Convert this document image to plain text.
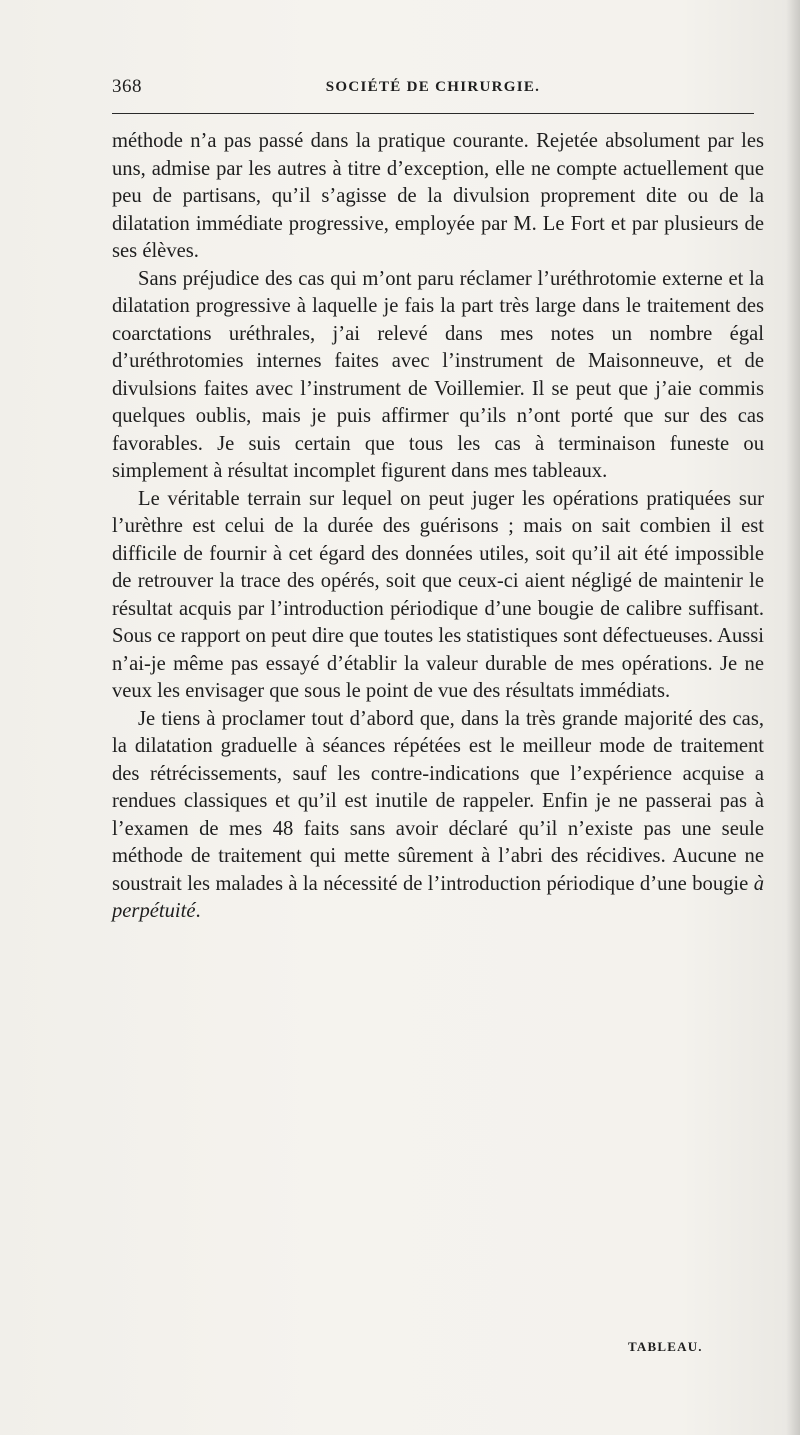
368	SOCIÉTÉ DE CHIRURGIE.

méthode n’a pas passé dans la pratique courante. Rejetée absolument par les uns, admise par les autres à titre d’exception, elle ne compte actuellement que peu de partisans, qu’il s’agisse de la divulsion proprement dite ou de la dilatation immédiate progressive, employée par M. Le Fort et par plusieurs de ses élèves.

Sans préjudice des cas qui m’ont paru réclamer l’uréthrotomie externe et la dilatation progressive à laquelle je fais la part très large dans le traitement des coarctations uréthrales, j’ai relevé dans mes notes un nombre égal d’uréthrotomies internes faites avec l’instrument de Maisonneuve, et de divulsions faites avec l’instrument de Voillemier. Il se peut que j’aie commis quelques oublis, mais je puis affirmer qu’ils n’ont porté que sur des cas favorables. Je suis certain que tous les cas à terminaison funeste ou simplement à résultat incomplet figurent dans mes tableaux.

Le véritable terrain sur lequel on peut juger les opérations pratiquées sur l’urèthre est celui de la durée des guérisons ; mais on sait combien il est difficile de fournir à cet égard des données utiles, soit qu’il ait été impossible de retrouver la trace des opérés, soit que ceux-ci aient négligé de maintenir le résultat acquis par l’introduction périodique d’une bougie de calibre suffisant. Sous ce rapport on peut dire que toutes les statistiques sont défectueuses. Aussi n’ai-je même pas essayé d’établir la valeur durable de mes opérations. Je ne veux les envisager que sous le point de vue des résultats immédiats.

Je tiens à proclamer tout d’abord que, dans la très grande majorité des cas, la dilatation graduelle à séances répétées est le meilleur mode de traitement des rétrécissements, sauf les contre-indications que l’expérience acquise a rendues classiques et qu’il est inutile de rappeler. Enfin je ne passerai pas à l’examen de mes 48 faits sans avoir déclaré qu’il n’existe pas une seule méthode de traitement qui mette sûrement à l’abri des récidives. Aucune ne soustrait les malades à la nécessité de l’introduction périodique d’une bougie à perpétuité.

TABLEAU.
